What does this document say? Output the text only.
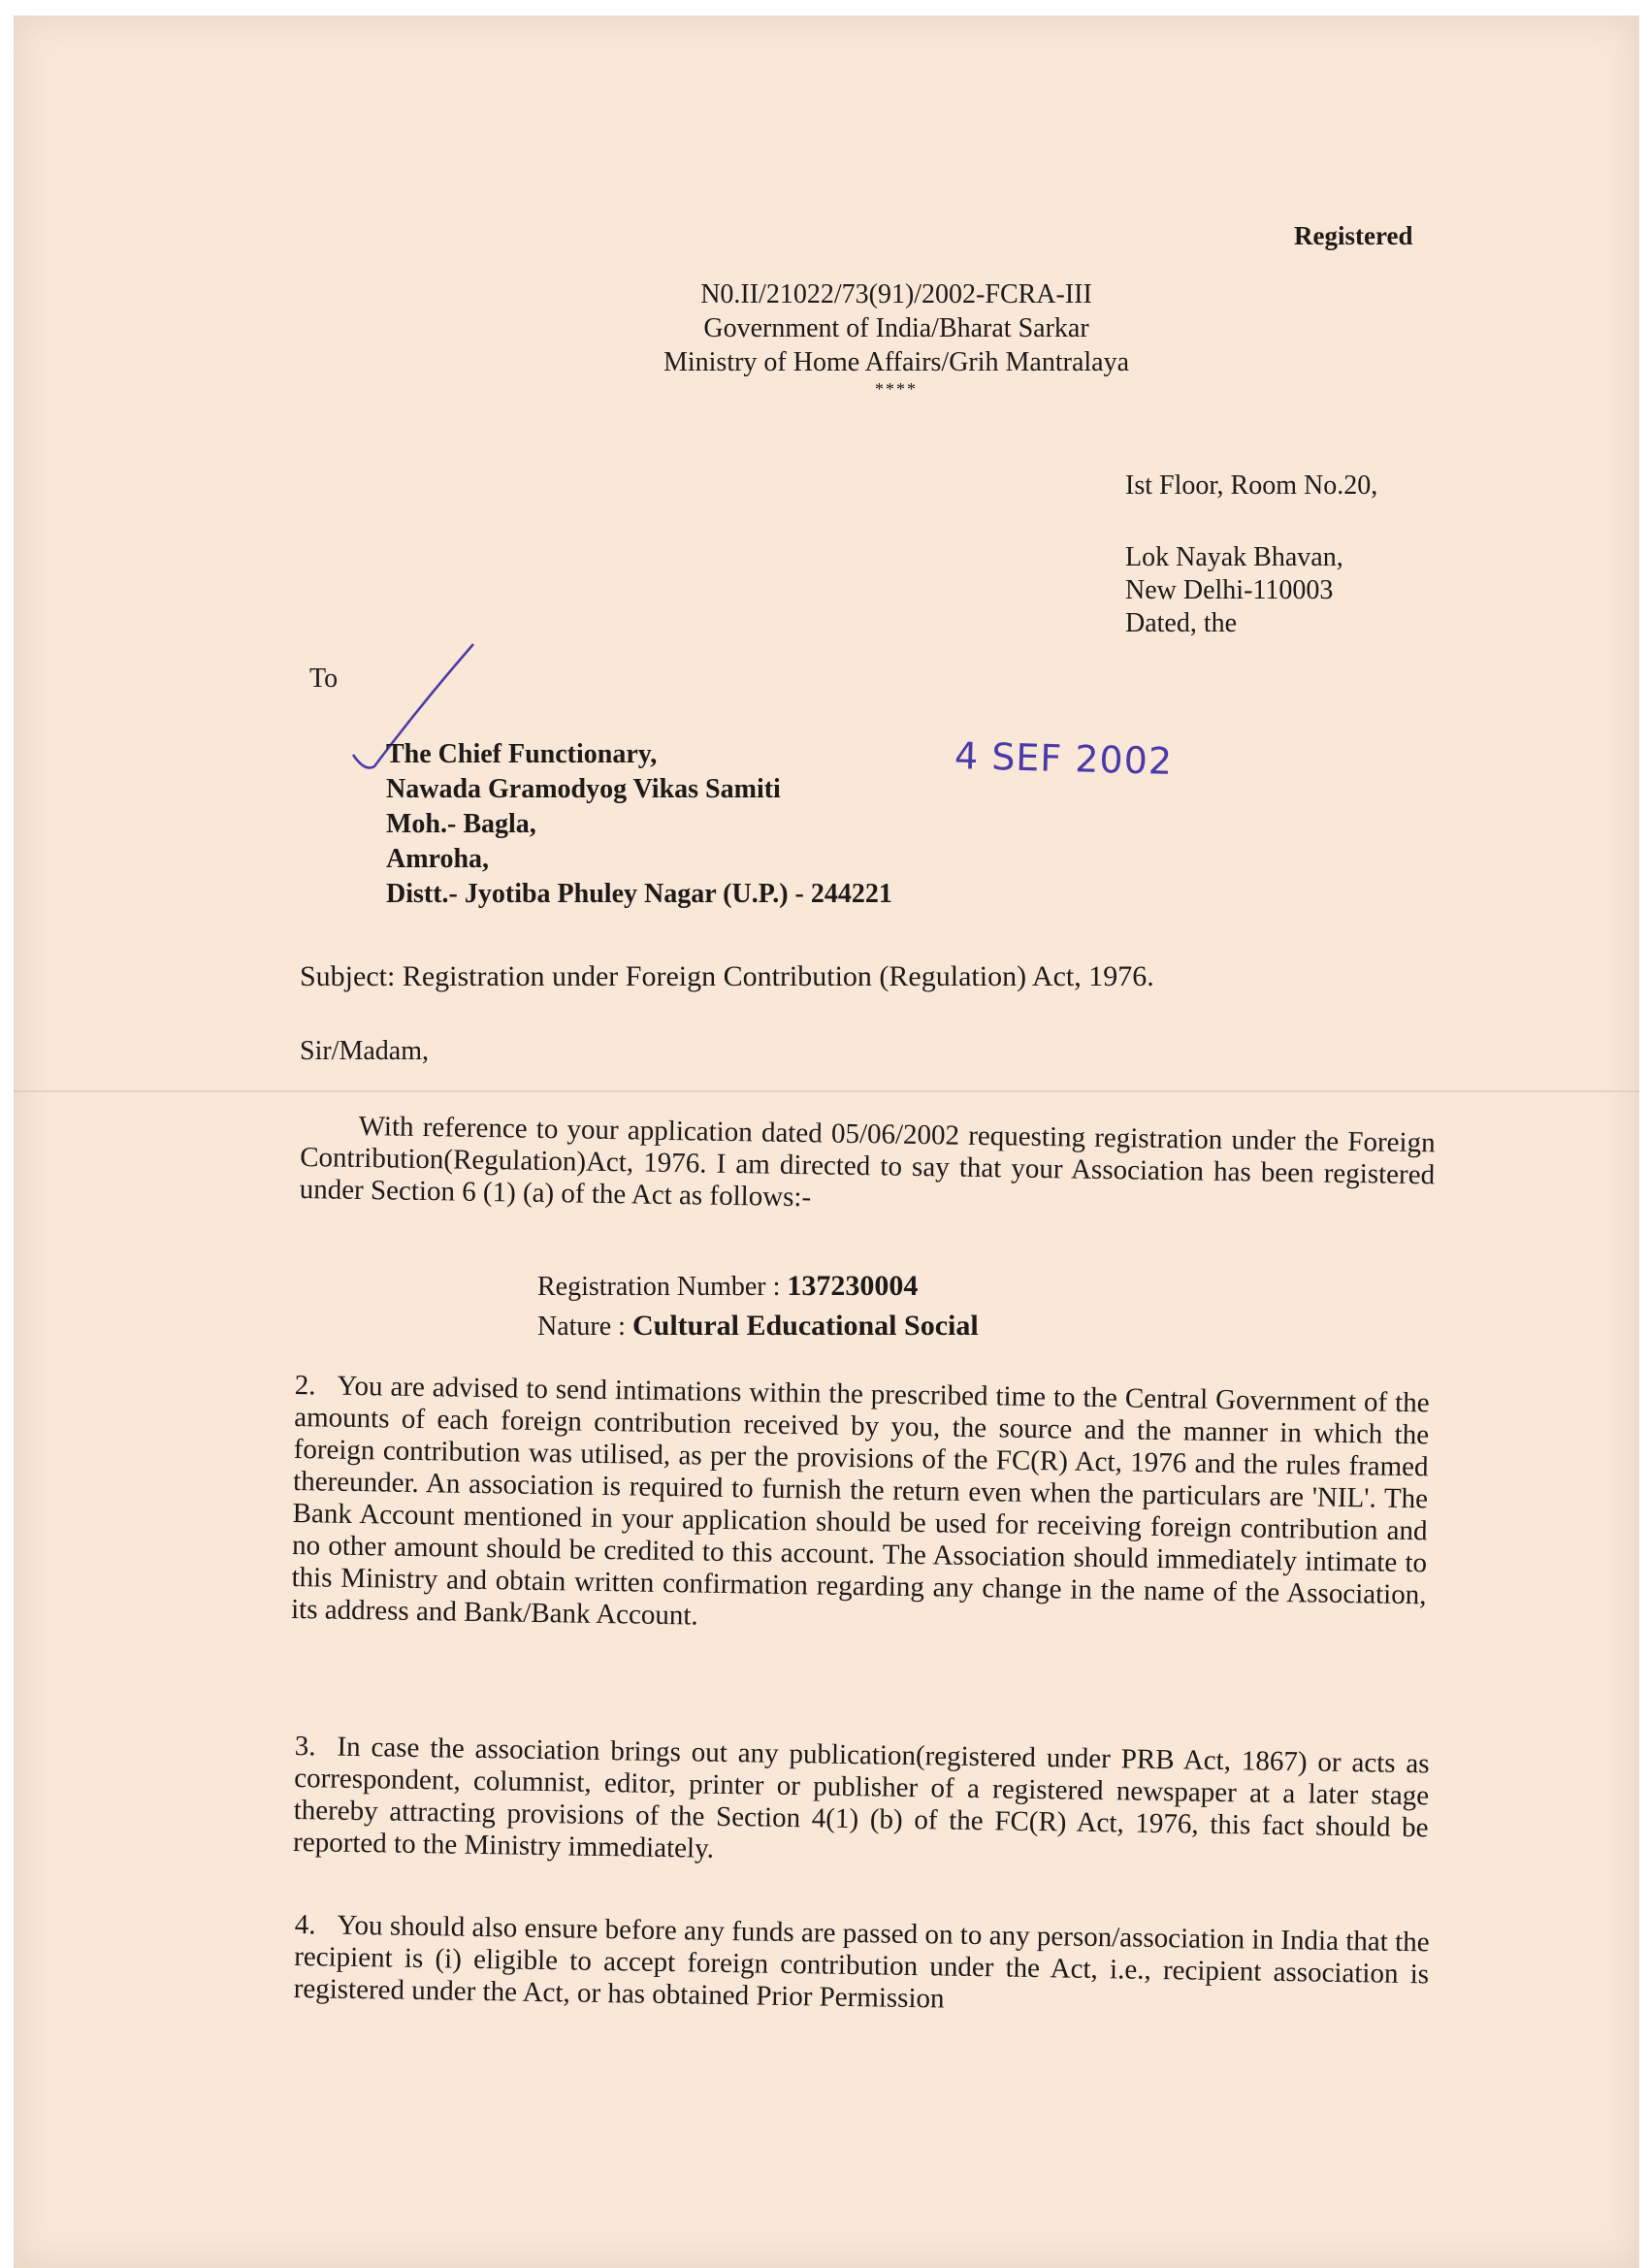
Registered
N0.II/21022/73(91)/2002-FCRA-III
Government of India/Bharat Sarkar
Ministry of Home Affairs/Grih Mantralaya
****
Ist Floor, Room No.20,
Lok Nayak Bhavan,
New Delhi-110003
Dated, the
To
The Chief Functionary,
Nawada Gramodyog Vikas Samiti
Moh.- Bagla,
Amroha,
Distt.- Jyotiba Phuley Nagar (U.P.) - 244221
4 SEF 2002
Subject: Registration under Foreign Contribution (Regulation) Act, 1976.
Sir/Madam,
With reference to your application dated 05/06/2002 requesting registration under the Foreign Contribution(Regulation)Act, 1976. I am directed to say that your Association has been registered under Section 6 (1) (a) of the Act as follows:-
Registration Number : 137230004
Nature : Cultural Educational Social
2. You are advised to send intimations within the prescribed time to the Central Government of the amounts of each foreign contribution received by you, the source and the manner in which the foreign contribution was utilised, as per the provisions of the FC(R) Act, 1976 and the rules framed thereunder. An association is required to furnish the return even when the particulars are 'NIL'. The Bank Account mentioned in your application should be used for receiving foreign contribution and no other amount should be credited to this account. The Association should immediately intimate to this Ministry and obtain written confirmation regarding any change in the name of the Association, its address and Bank/Bank Account.
3. In case the association brings out any publication(registered under PRB Act, 1867) or acts as correspondent, columnist, editor, printer or publisher of a registered newspaper at a later stage thereby attracting provisions of the Section 4(1) (b) of the FC(R) Act, 1976, this fact should be reported to the Ministry immediately.
4. You should also ensure before any funds are passed on to any person/association in India that the recipient is (i) eligible to accept foreign contribution under the Act, i.e., recipient association is registered under the Act, or has obtained Prior Permission
